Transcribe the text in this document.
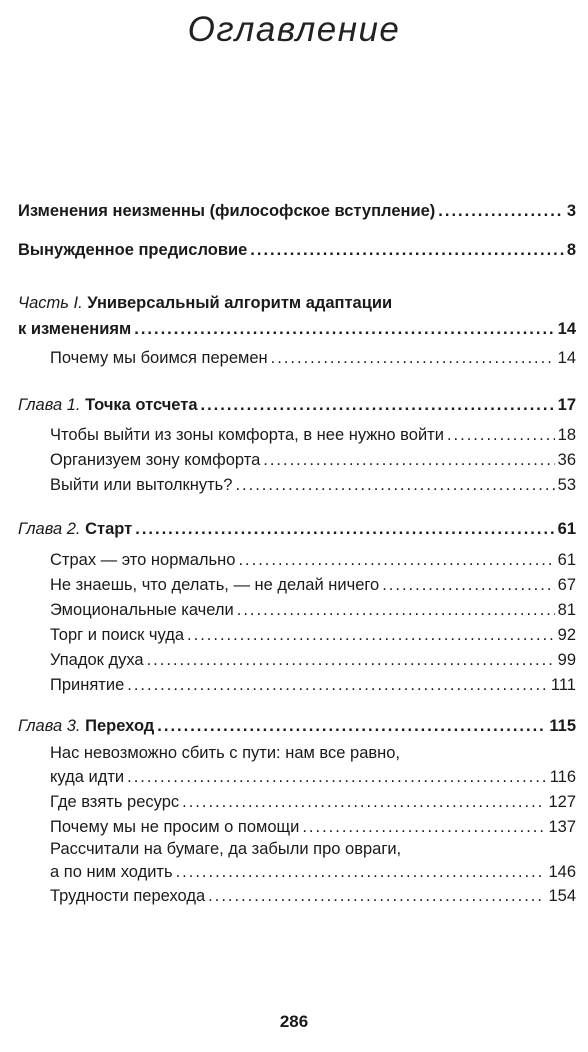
Оглавление
Изменения неизменны (философское вступление) .....	3
Вынужденное предисловие .....	8
Часть I. Универсальный алгоритм адаптации
к изменениям .....	14
Почему мы боимся перемен .....	14
Глава 1. Точка отсчета .....	17
Чтобы выйти из зоны комфорта, в нее нужно войти .....	18
Организуем зону комфорта .....	36
Выйти или вытолкнуть? .....	53
Глава 2. Старт .....	61
Страх — это нормально .....	61
Не знаешь, что делать, — не делай ничего .....	67
Эмоциональные качели .....	81
Торг и поиск чуда .....	92
Упадок духа .....	99
Принятие .....	111
Глава 3. Переход .....	115
Нас невозможно сбить с пути: нам все равно,
куда идти .....	116
Где взять ресурс .....	127
Почему мы не просим о помощи .....	137
Рассчитали на бумаге, да забыли про овраги,
а по ним ходить .....	146
Трудности перехода .....	154
286
